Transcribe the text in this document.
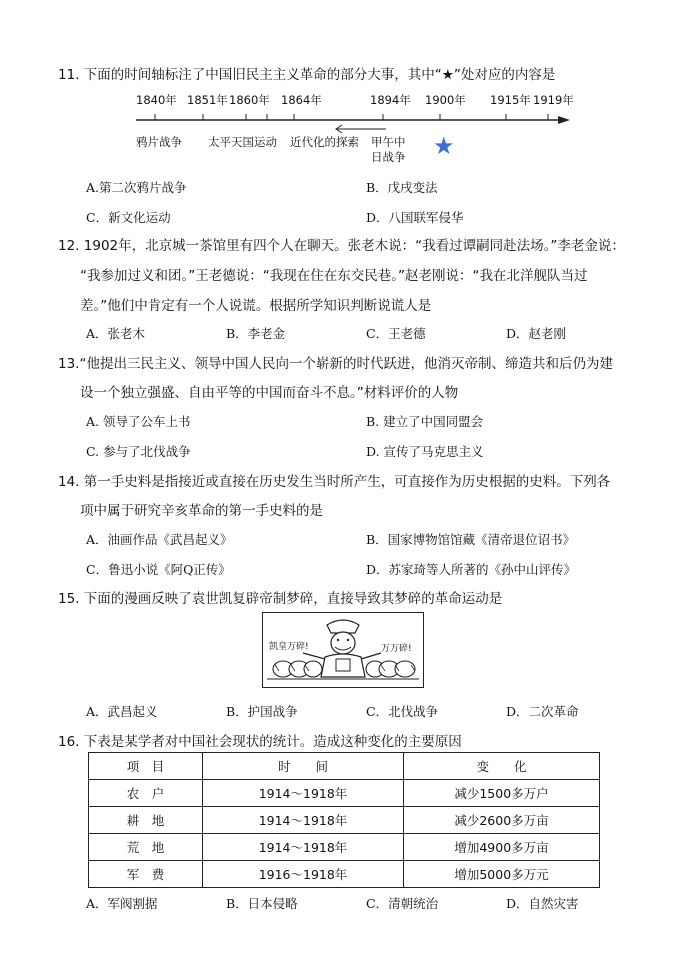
11. 下面的时间轴标注了中国旧民主主义革命的部分大事，其中“★”处对应的内容是
1840年 1851年 1860年 1864年	1894年 1900年 1915年 1919年
鸦片战争 太平天国运动 近代化的探索 甲午中
日战争 ★
A.第二次鸦片战争	B．戊戌变法
C．新文化运动	D．八国联军侵华
12. 1902年，北京城一茶馆里有四个人在聊天。张老木说：“我看过谭嗣同赴法场。”李老金说：
“我参加过义和团。”王老德说：“我现在住在东交民巷。”赵老刚说：“我在北洋舰队当过
差。”他们中肯定有一个人说谎。根据所学知识判断说谎人是
A．张老木	B．李老金	C．王老德	D．赵老刚
13.“他提出三民主义、领导中国人民向一个崭新的时代跃进，他消灭帝制、缔造共和后仍为建
设一个独立强盛、自由平等的中国而奋斗不息。”材料评价的人物
A. 领导了公车上书	B. 建立了中国同盟会
C. 参与了北伐战争	D. 宣传了马克思主义
14. 第一手史料是指接近或直接在历史发生当时所产生，可直接作为历史根据的史料。下列各
项中属于研究辛亥革命的第一手史料的是
A．油画作品《武昌起义》	B．国家博物馆馆藏《清帝退位诏书》
C．鲁迅小说《阿Q正传》	D．苏家琦等人所著的《孙中山评传》
15. 下面的漫画反映了袁世凯复辟帝制梦碎，直接导致其梦碎的革命运动是
凯皇万碎!	万万碎!
A．武昌起义	B．护国战争	C．北伐战争	D．二次革命
16. 下表是某学者对中国社会现状的统计。造成这种变化的主要原因
项　目	时　　间	变　　化
农　户	1914～1918年	减少1500多万户
耕　地	1914～1918年	减少2600多万亩
荒　地	1914～1918年	增加4900多万亩
军　费	1916～1918年	增加5000多万元
A．军阀割据	B．日本侵略	C．清朝统治	D．自然灾害
